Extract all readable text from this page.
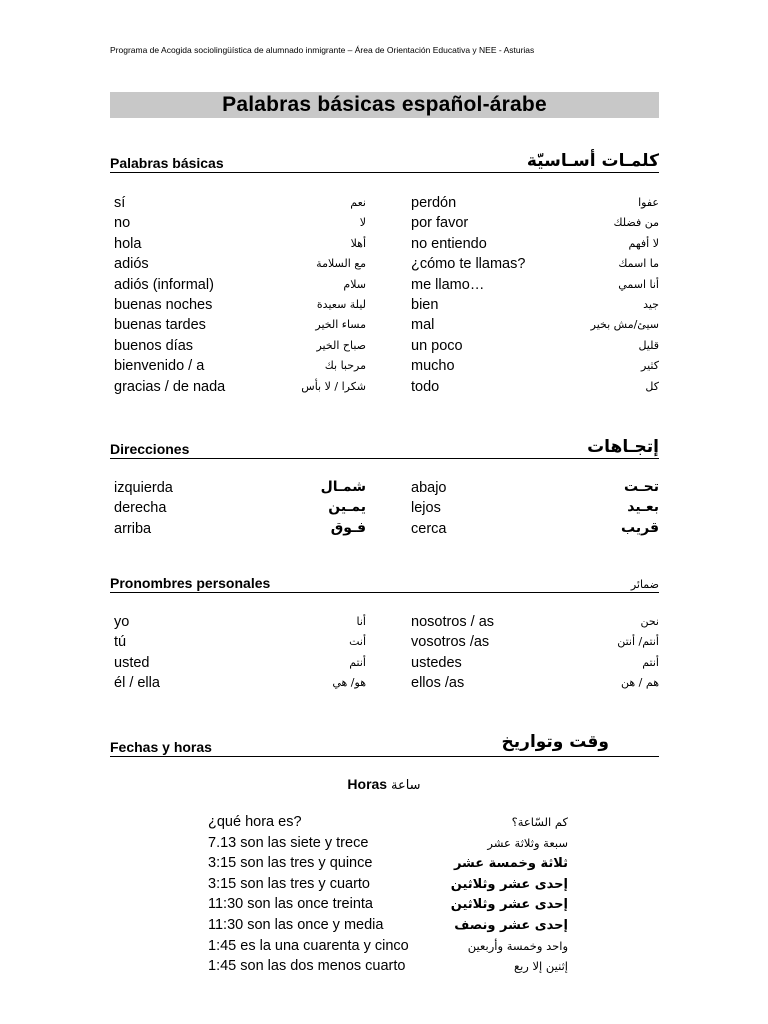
Programa de Acogida sociolingüística de alumnado inmigrante – Área de Orientación Educativa y NEE - Asturias
Palabras básicas español-árabe
Palabras básicas	كلمـات أسـاسيّة
sí	نعم	perdón	عفوا
no	لا	por favor	من فضلك
hola	أهلا	no entiendo	لا أفهم
adiós	مع السلامة	¿cómo te llamas?	ما اسمك
adiós (informal)	سلام	me llamo…	أنا اسمي
buenas noches	ليلة سعيدة	bien	جيد
buenas tardes	مساء الخير	mal	سيئ/مش بخير
buenos días	صباح الخير	un poco	قليل
bienvenido / a	مرحبا بك	mucho	كثير
gracias / de nada	شكرا / لا بأس	todo	كل
Direcciones	إتجـاهات
izquierda	شمـال	abajo	تحـت
derecha	يمـين	lejos	بعـيد
arriba	فـوق	cerca	قريب
Pronombres personales	ضمائر
yo	أنا	nosotros / as	نحن
tú	أنت	vosotros /as	أنتم/ أنتن
usted	أنتم	ustedes	أنتم
él / ella	هو/ هي	ellos /as	هم / هن
Fechas y horas	وقت وتواريخ
Horas ساعة
¿qué hora es?	كم السّاعة؟
7.13 son las siete y trece	سبعة وثلاثة عشر
3:15 son las tres y quince	ثلاثة وخمسة عشر
3:15 son las tres y cuarto	إحدى عشر وثلاثين
11:30 son las once treinta	إحدى عشر وثلاثين
11:30 son las once y media	إحدى عشر ونصف
1:45 es la una cuarenta y cinco	واحد وخمسة وأربعين
1:45 son las dos menos cuarto	إثنين إلا ربع
